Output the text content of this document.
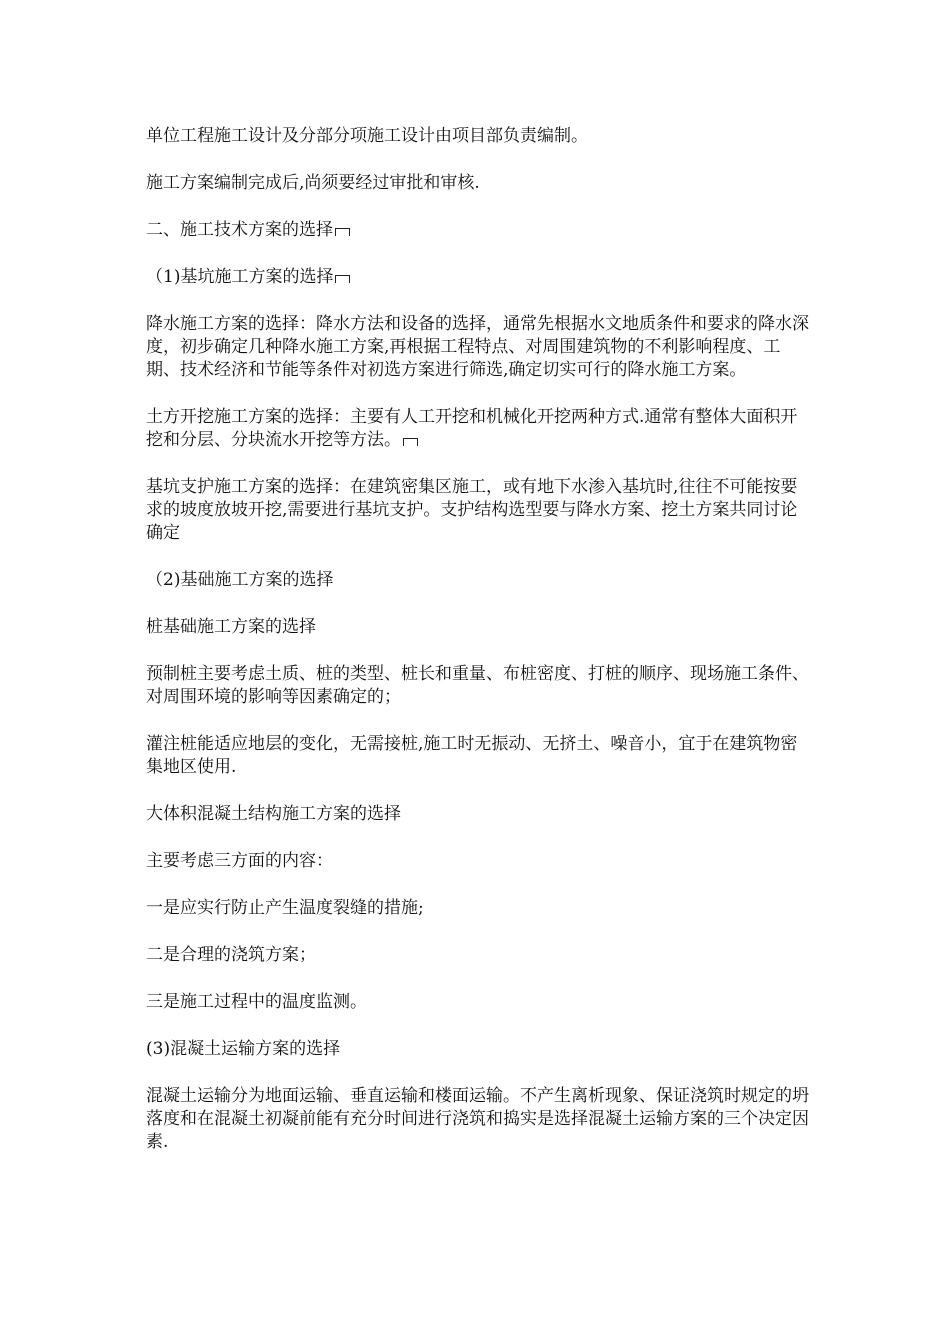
单位工程施工设计及分部分项施工设计由项目部负责编制。

施工方案编制完成后,尚须要经过审批和审核.

二、施工技术方案的选择

（1)基坑施工方案的选择

降水施工方案的选择：降水方法和设备的选择，通常先根据水文地质条件和要求的降水深度，初步确定几种降水施工方案,再根据工程特点、对周围建筑物的不利影响程度、工期、技术经济和节能等条件对初选方案进行筛选,确定切实可行的降水施工方案。

土方开挖施工方案的选择：主要有人工开挖和机械化开挖两种方式.通常有整体大面积开挖和分层、分块流水开挖等方法。

基坑支护施工方案的选择：在建筑密集区施工，或有地下水渗入基坑时,往往不可能按要求的坡度放坡开挖,需要进行基坑支护。支护结构选型要与降水方案、挖土方案共同讨论确定

（2)基础施工方案的选择

桩基础施工方案的选择

预制桩主要考虑土质、桩的类型、桩长和重量、布桩密度、打桩的顺序、现场施工条件、对周围环境的影响等因素确定的；

灌注桩能适应地层的变化，无需接桩,施工时无振动、无挤土、噪音小，宜于在建筑物密集地区使用.

大体积混凝土结构施工方案的选择

主要考虑三方面的内容：

一是应实行防止产生温度裂缝的措施;

二是合理的浇筑方案；

三是施工过程中的温度监测。

(3)混凝土运输方案的选择

混凝土运输分为地面运输、垂直运输和楼面运输。不产生离析现象、保证浇筑时规定的坍落度和在混凝土初凝前能有充分时间进行浇筑和捣实是选择混凝土运输方案的三个决定因素.
